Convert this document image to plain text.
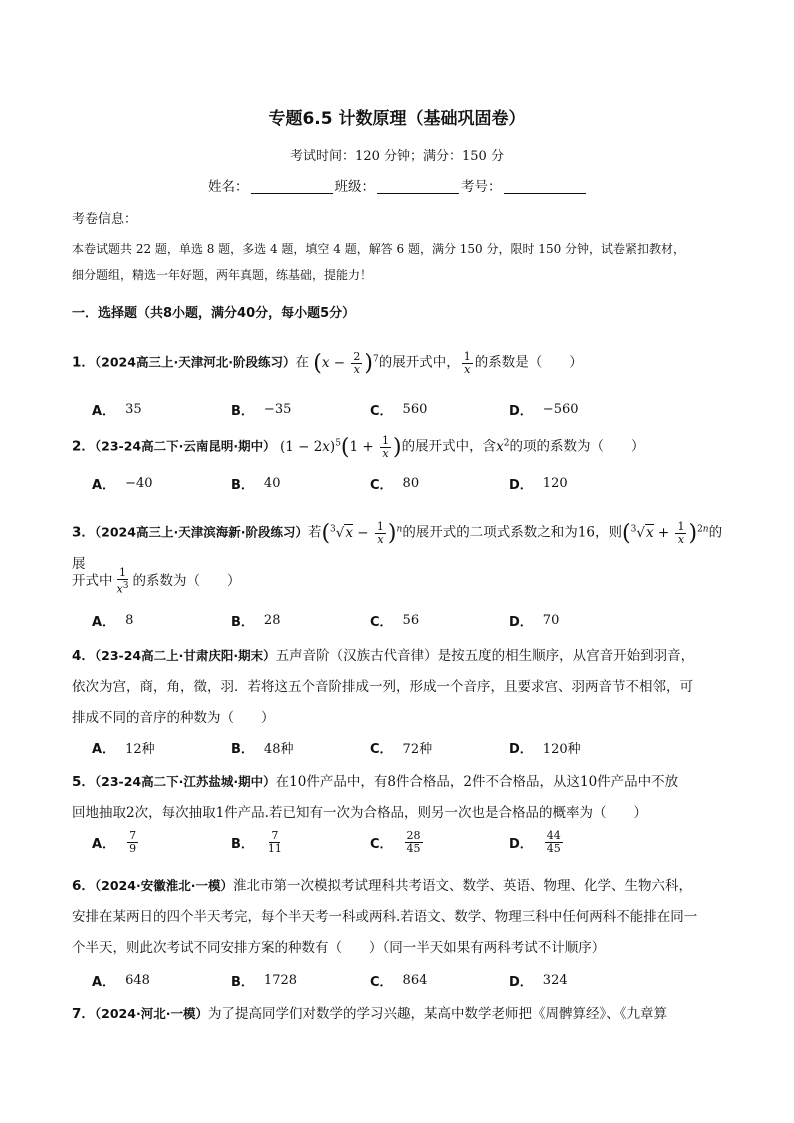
专题6.5 计数原理（基础巩固卷）
考试时间：120 分钟；满分：150 分
姓名：	班级：	考号：
考卷信息：
本卷试题共 22 题，单选 8 题，多选 4 题，填空 4 题，解答 6 题，满分 150 分，限时 150 分钟，试卷紧扣教材，
细分题组，精选一年好题，两年真题，练基础，提能力！
一．选择题（共8小题，满分40分，每小题5分）
1．（2024高三上·天津河北·阶段练习）在 $(x - \frac{2}{x} )^7$的展开式中， $\frac{1}{x}$ 的系数是（　　）
A． 35	B． −35	C． 560	D． −560
2．（23-24高二下·云南昆明·期中） $(1 - 2x)^5(1 + \frac{1}{x}$ )的展开式中，含$x^2$的项的系数为（　　）
A． −40	B． 40	C． 80	D． 120
3．（2024高三上·天津滨海新·阶段练习）若$(^3√x - \frac{1}{x} )^n$的展开式的二项式系数之和为16，则$(^3√x + \frac{1}{x} )^{2n}$的展
开式中 $\frac{1}{x^3}$ 的系数为（　　）
A． 8	B． 28	C． 56	D． 70
4．（23-24高二上·甘肃庆阳·期末）五声音阶（汉族古代音律）是按五度的相生顺序，从宫音开始到羽音，
依次为宫，商，角，徵，羽．若将这五个音阶排成一列，形成一个音序，且要求宫、羽两音节不相邻，可
排成不同的音序的种数为（　　）
A． 12种	B． 48种	C． 72种	D． 120种
5．（23-24高二下·江苏盐城·期中）在10件产品中，有8件合格品，2件不合格品，从这10件产品中不放
回地抽取2次，每次抽取1件产品.若已知有一次为合格品，则另一次也是合格品的概率为（　　）
A． $\frac{7}{9}$	B． $\frac{7}{11}$	C． $\frac{28}{45}$	D． $\frac{44}{45}$
6．（2024·安徽淮北·一模）淮北市第一次模拟考试理科共考语文、数学、英语、物理、化学、生物六科，
安排在某两日的四个半天考完，每个半天考一科或两科.若语文、数学、物理三科中任何两科不能排在同一
个半天，则此次考试不同安排方案的种数有（　　）（同一半天如果有两科考试不计顺序）
A． 648	B． 1728	C． 864	D． 324
7．（2024·河北·一模）为了提高同学们对数学的学习兴趣，某高中数学老师把《周髀算经》、《九章算
